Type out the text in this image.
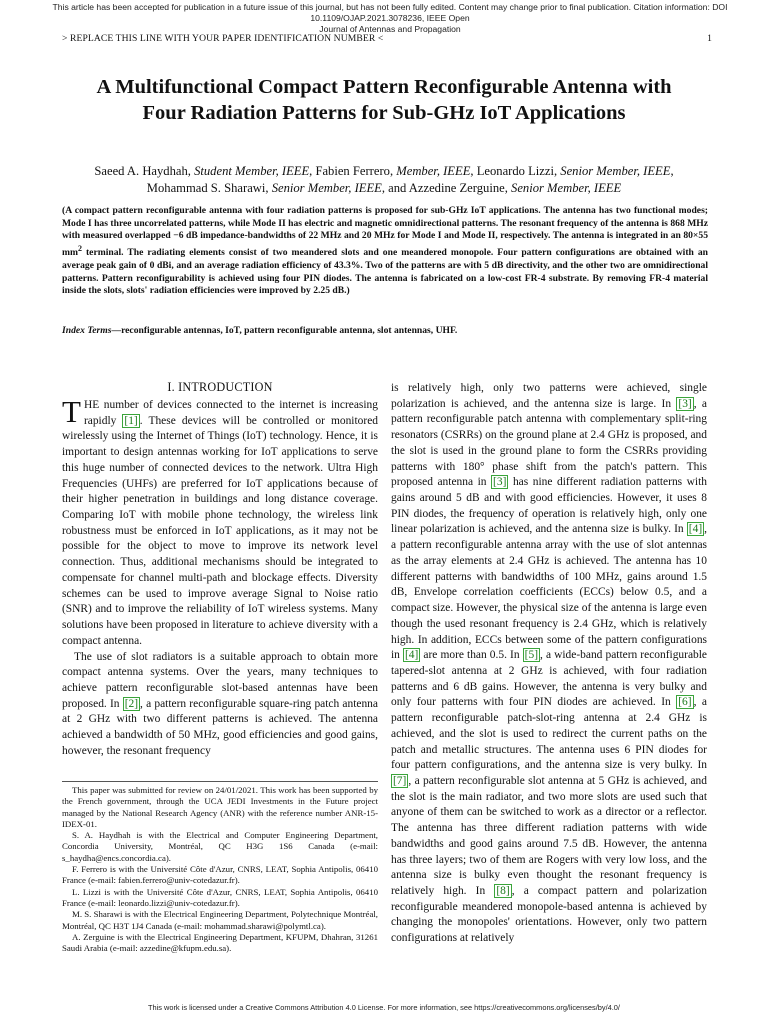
This article has been accepted for publication in a future issue of this journal, but has not been fully edited. Content may change prior to final publication. Citation information: DOI 10.1109/OJAP.2021.3078236, IEEE Open
Journal of Antennas and Propagation
> REPLACE THIS LINE WITH YOUR PAPER IDENTIFICATION NUMBER <	1
A Multifunctional Compact Pattern Reconfigurable Antenna with
Four Radiation Patterns for Sub-GHz IoT Applications
Saeed A. Haydhah, Student Member, IEEE, Fabien Ferrero, Member, IEEE, Leonardo Lizzi, Senior Member, IEEE,
Mohammad S. Sharawi, Senior Member, IEEE, and Azzedine Zerguine, Senior Member, IEEE
(A compact pattern reconfigurable antenna with four radiation patterns is proposed for sub-GHz IoT applications. The antenna has two functional modes; Mode I has three uncorrelated patterns, while Mode II has electric and magnetic omnidirectional patterns. The resonant frequency of the antenna is 868 MHz with measured overlapped −6 dB impedance-bandwidths of 22 MHz and 20 MHz for Mode I and Mode II, respectively. The antenna is integrated in an 80×55 $mm^2$ terminal. The radiating elements consist of two meandered slots and one meandered monopole. Four pattern configurations are obtained with an average peak gain of 0 dBi, and an average radiation efficiency of 43.3%. Two of the patterns are with 5 dB directivity, and the other two are omnidirectional patterns. Pattern reconfigurability is achieved using four PIN diodes. The antenna is fabricated on a low-cost FR-4 substrate. By removing FR-4 material inside the slots, slots' radiation efficiencies were improved by 2.25 dB.)
Index Terms—reconfigurable antennas, IoT, pattern reconfigurable antenna, slot antennas, UHF.
I. INTRODUCTION

THE number of devices connected to the internet is increasing rapidly [1] . These devices will be controlled or monitored wirelessly using the Internet of Things (IoT) technology. Hence, it is important to design antennas working for IoT applications to serve this huge number of connected devices to the network. Ultra High Frequencies (UHFs) are preferred for IoT applications because of their higher penetration in buildings and long distance coverage. Comparing IoT with mobile phone technology, the wireless link robustness must be enforced in IoT applications, as it may not be possible for the object to move to improve its network level connection. Thus, additional mechanisms should be integrated to compensate for channel multi-path and blockage effects. Diversity schemes can be used to improve average Signal to Noise ratio (SNR) and to improve the reliability of IoT wireless systems. Many solutions have been proposed in literature to achieve diversity with a compact antenna.

The use of slot radiators is a suitable approach to obtain more compact antenna systems. Over the years, many techniques to achieve pattern reconfigurable slot-based antennas have been proposed. In [2] , a pattern reconfigurable square-ring patch antenna at 2 GHz with two different patterns is achieved. The antenna achieved a bandwidth of 50 MHz, good efficiencies and good gains, however, the resonant frequency

This paper was submitted for review on 24/01/2021. This work has been supported by the French government, through the UCA JEDI Investments in the Future project managed by the National Research Agency (ANR) with the reference number ANR-15-IDEX-01.

S. A. Haydhah is with the Electrical and Computer Engineering Department, Concordia University, Montréal, QC H3G 1S6 Canada (e-mail: s_haydha@encs.concordia.ca).

F. Ferrero is with the Université Côte d'Azur, CNRS, LEAT, Sophia Antipolis, 06410 France (e-mail: fabien.ferrero@univ-cotedazur.fr).

L. Lizzi is with the Université Côte d'Azur, CNRS, LEAT, Sophia Antipolis, 06410 France (e-mail: leonardo.lizzi@univ-cotedazur.fr).

M. S. Sharawi is with the Electrical Engineering Department, Polytechnique Montréal, Montréal, QC H3T 1J4 Canada (e-mail: mohammad.sharawi@polymtl.ca).

A. Zerguine is with the Electrical Engineering Department, KFUPM, Dhahran, 31261 Saudi Arabia (e-mail: azzedine@kfupm.edu.sa).

is relatively high, only two patterns were achieved, single polarization is achieved, and the antenna size is large. In [3] , a pattern reconfigurable patch antenna with complementary split-ring resonators (CSRRs) on the ground plane at 2.4 GHz is proposed, and the slot is used in the ground plane to form the CSRRs providing patterns with 180° phase shift from the patch's pattern. This proposed antenna in [3] has nine different radiation patterns with gains around 5 dB and with good efficiencies. However, it uses 8 PIN diodes, the frequency of operation is relatively high, only one linear polarization is achieved, and the antenna size is bulky. In [4] , a pattern reconfigurable antenna array with the use of slot antennas as the array elements at 2.4 GHz is achieved. The antenna has 10 different patterns with bandwidths of 100 MHz, gains around 1.5 dB, Envelope correlation coefficients (ECCs) below 0.5, and a compact size. However, the physical size of the antenna is large even though the used resonant frequency is 2.4 GHz, which is relatively high. In addition, ECCs between some of the pattern configurations in [4] are more than 0.5. In [5] , a wide-band pattern reconfigurable tapered-slot antenna at 2 GHz is achieved, with four radiation patterns and 6 dB gains. However, the antenna is very bulky and only four patterns with four PIN diodes are achieved. In [6] , a pattern reconfigurable patch-slot-ring antenna at 2.4 GHz is achieved, and the slot is used to redirect the current paths on the patch and metallic structures. The antenna uses 6 PIN diodes for four pattern configurations, and the antenna size is very bulky. In [7] , a pattern reconfigurable slot antenna at 5 GHz is achieved, and the slot is the main radiator, and two more slots are used such that anyone of them can be switched to work as a director or a reflector. The antenna has three different radiation patterns with wide bandwidths and good gains around 7.5 dB. However, the antenna has three layers; two of them are Rogers with very low loss, and the antenna size is bulky even thought the resonant frequency is relatively high. In [8] , a compact pattern and polarization reconfigurable meandered monopole-based antenna is achieved by changing the monopoles' orientations. However, only two pattern configurations at relatively

This work is licensed under a Creative Commons Attribution 4.0 License. For more information, see https://creativecommons.org/licenses/by/4.0/
